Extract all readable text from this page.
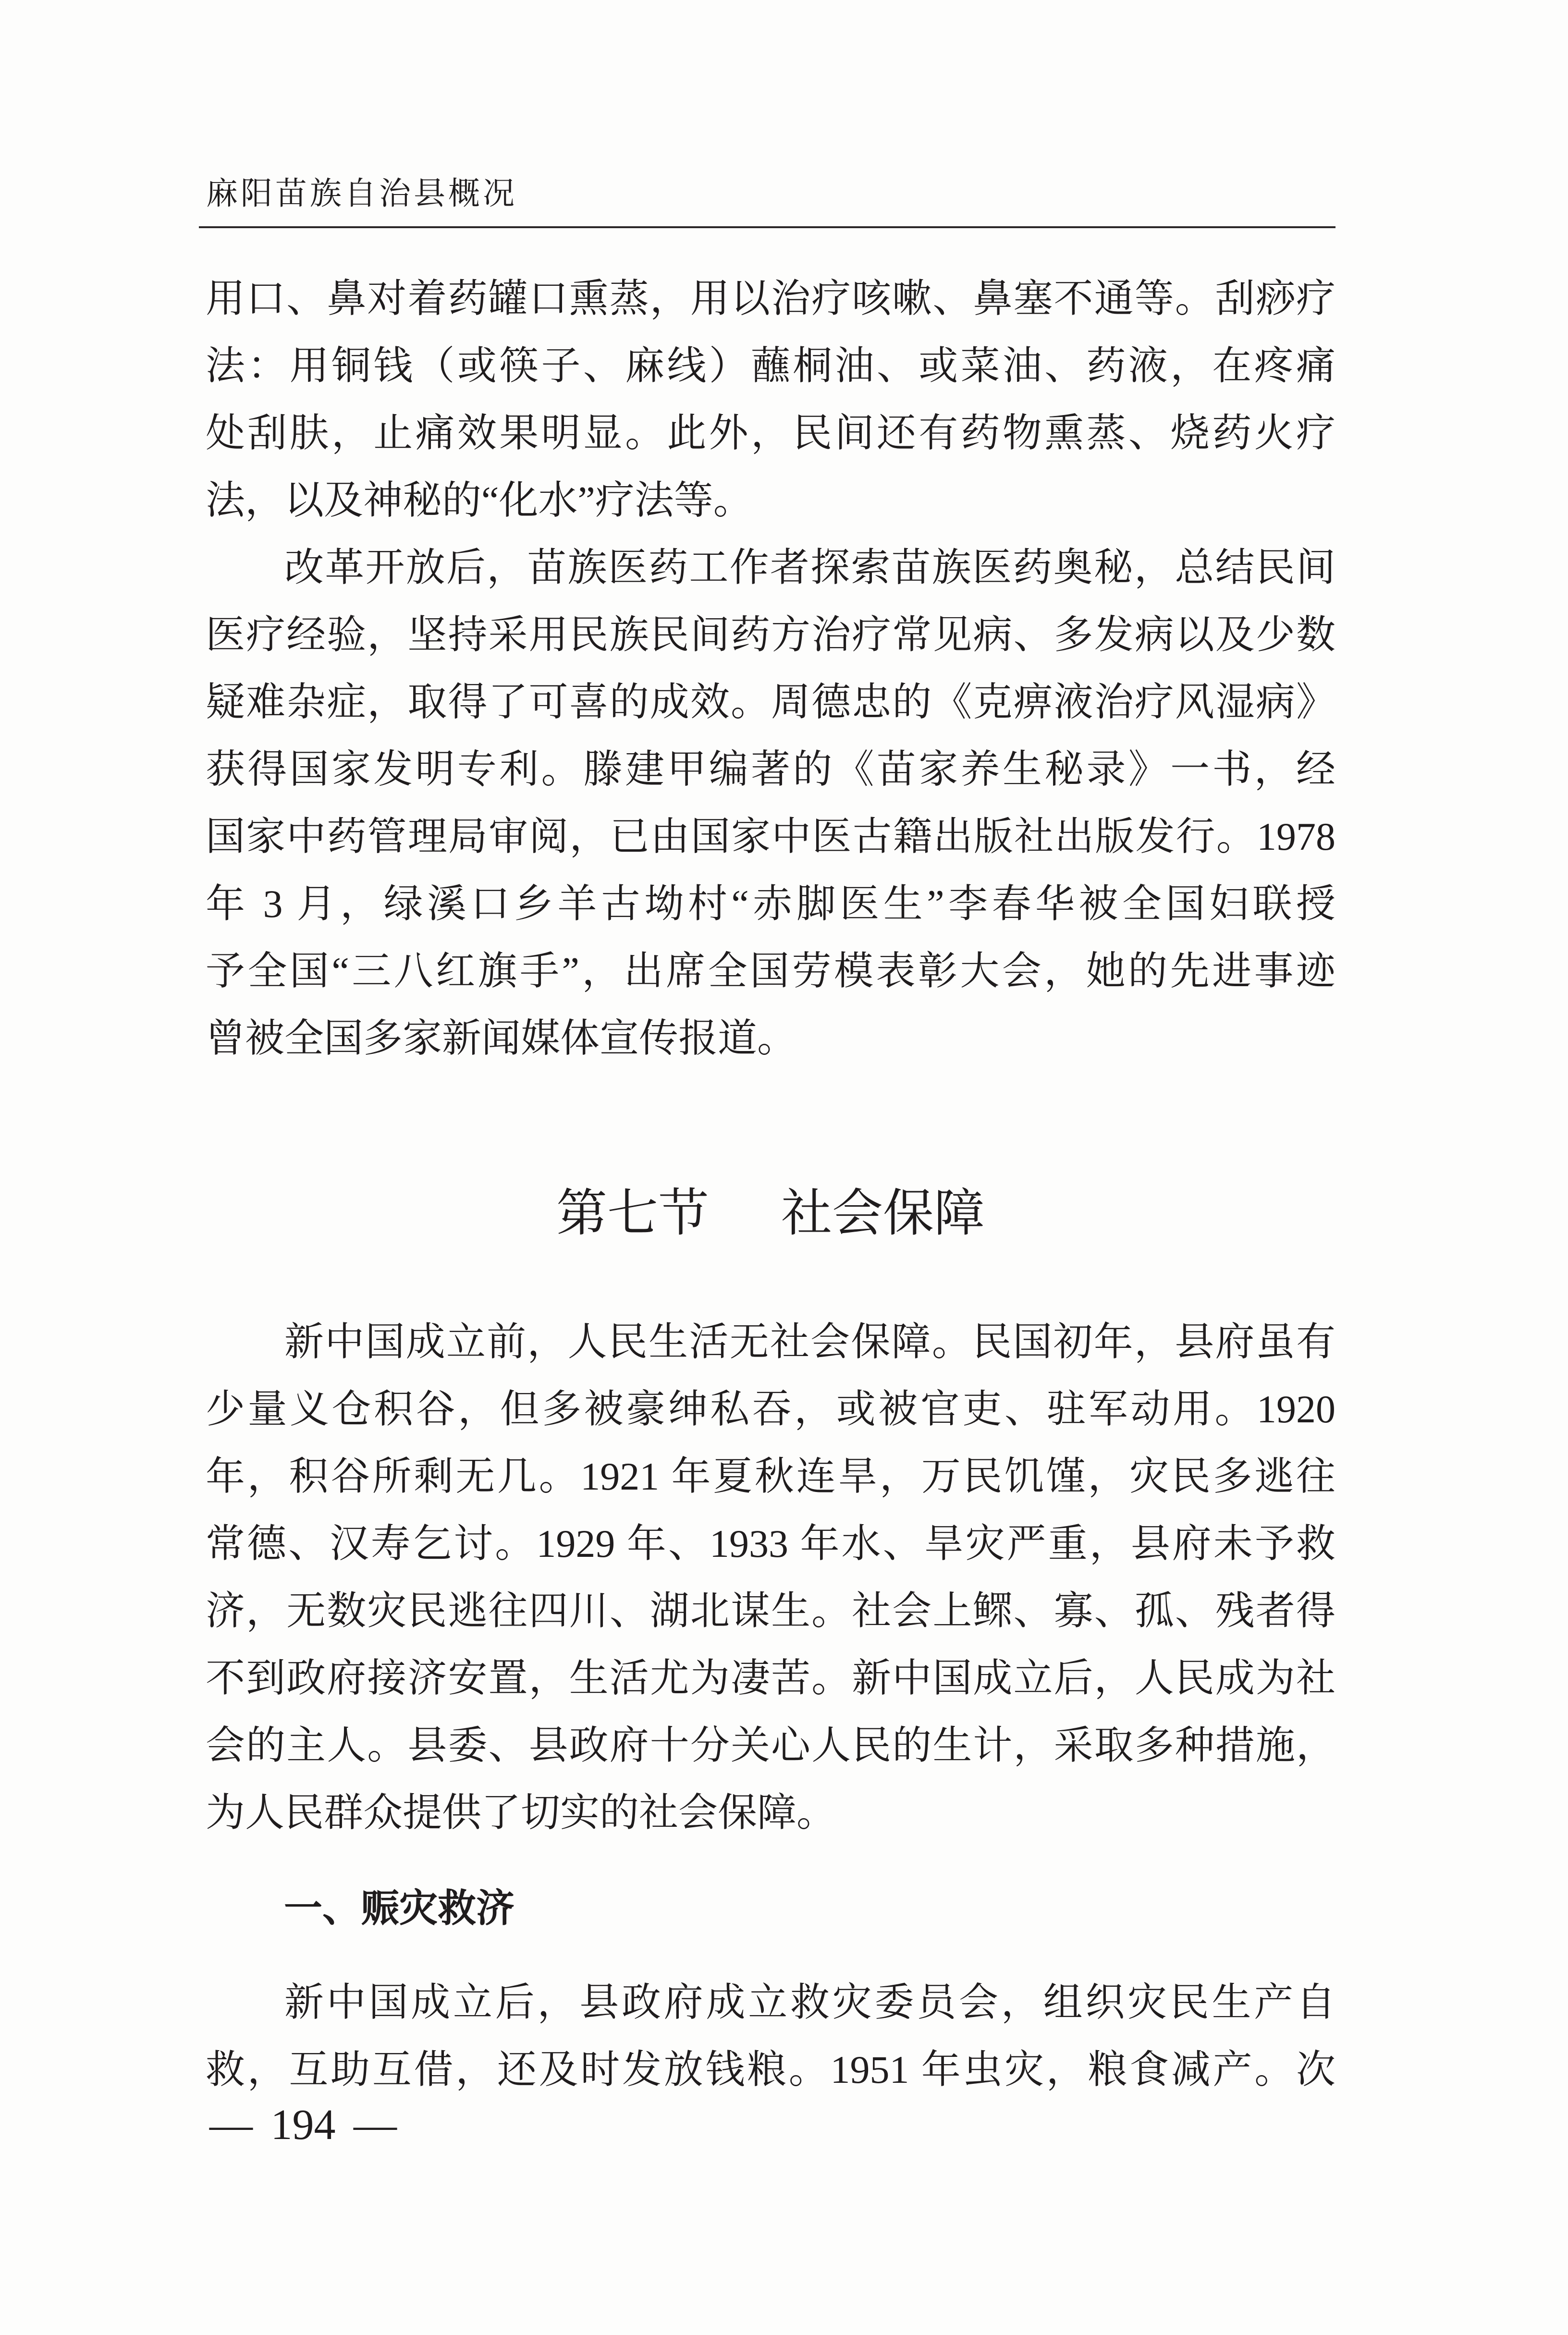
麻阳苗族自治县概况
用口、鼻对着药罐口熏蒸，用以治疗咳嗽、鼻塞不通等。刮痧疗
法：用铜钱（或筷子、麻线）蘸桐油、或菜油、药液，在疼痛
处刮肤，止痛效果明显。此外，民间还有药物熏蒸、烧药火疗
法，以及神秘的“化水”疗法等。
改革开放后，苗族医药工作者探索苗族医药奥秘，总结民间
医疗经验，坚持采用民族民间药方治疗常见病、多发病以及少数
疑难杂症，取得了可喜的成效。周德忠的《克痹液治疗风湿病》
获得国家发明专利。滕建甲编著的《苗家养生秘录》一书，经
国家中药管理局审阅，已由国家中医古籍出版社出版发行。1978
年 3 月，绿溪口乡羊古坳村“赤脚医生”李春华被全国妇联授
予全国“三八红旗手”，出席全国劳模表彰大会，她的先进事迹
曾被全国多家新闻媒体宣传报道。
第七节 社会保障
新中国成立前，人民生活无社会保障。民国初年，县府虽有
少量义仓积谷，但多被豪绅私吞，或被官吏、驻军动用。1920
年，积谷所剩无几。1921 年夏秋连旱，万民饥馑，灾民多逃往
常德、汉寿乞讨。1929 年、1933 年水、旱灾严重，县府未予救
济，无数灾民逃往四川、湖北谋生。社会上鳏、寡、孤、残者得
不到政府接济安置，生活尤为凄苦。新中国成立后，人民成为社
会的主人。县委、县政府十分关心人民的生计，采取多种措施，
为人民群众提供了切实的社会保障。
一、赈灾救济
新中国成立后，县政府成立救灾委员会，组织灾民生产自
救，互助互借，还及时发放钱粮。1951 年虫灾，粮食减产。次
— 194 —
